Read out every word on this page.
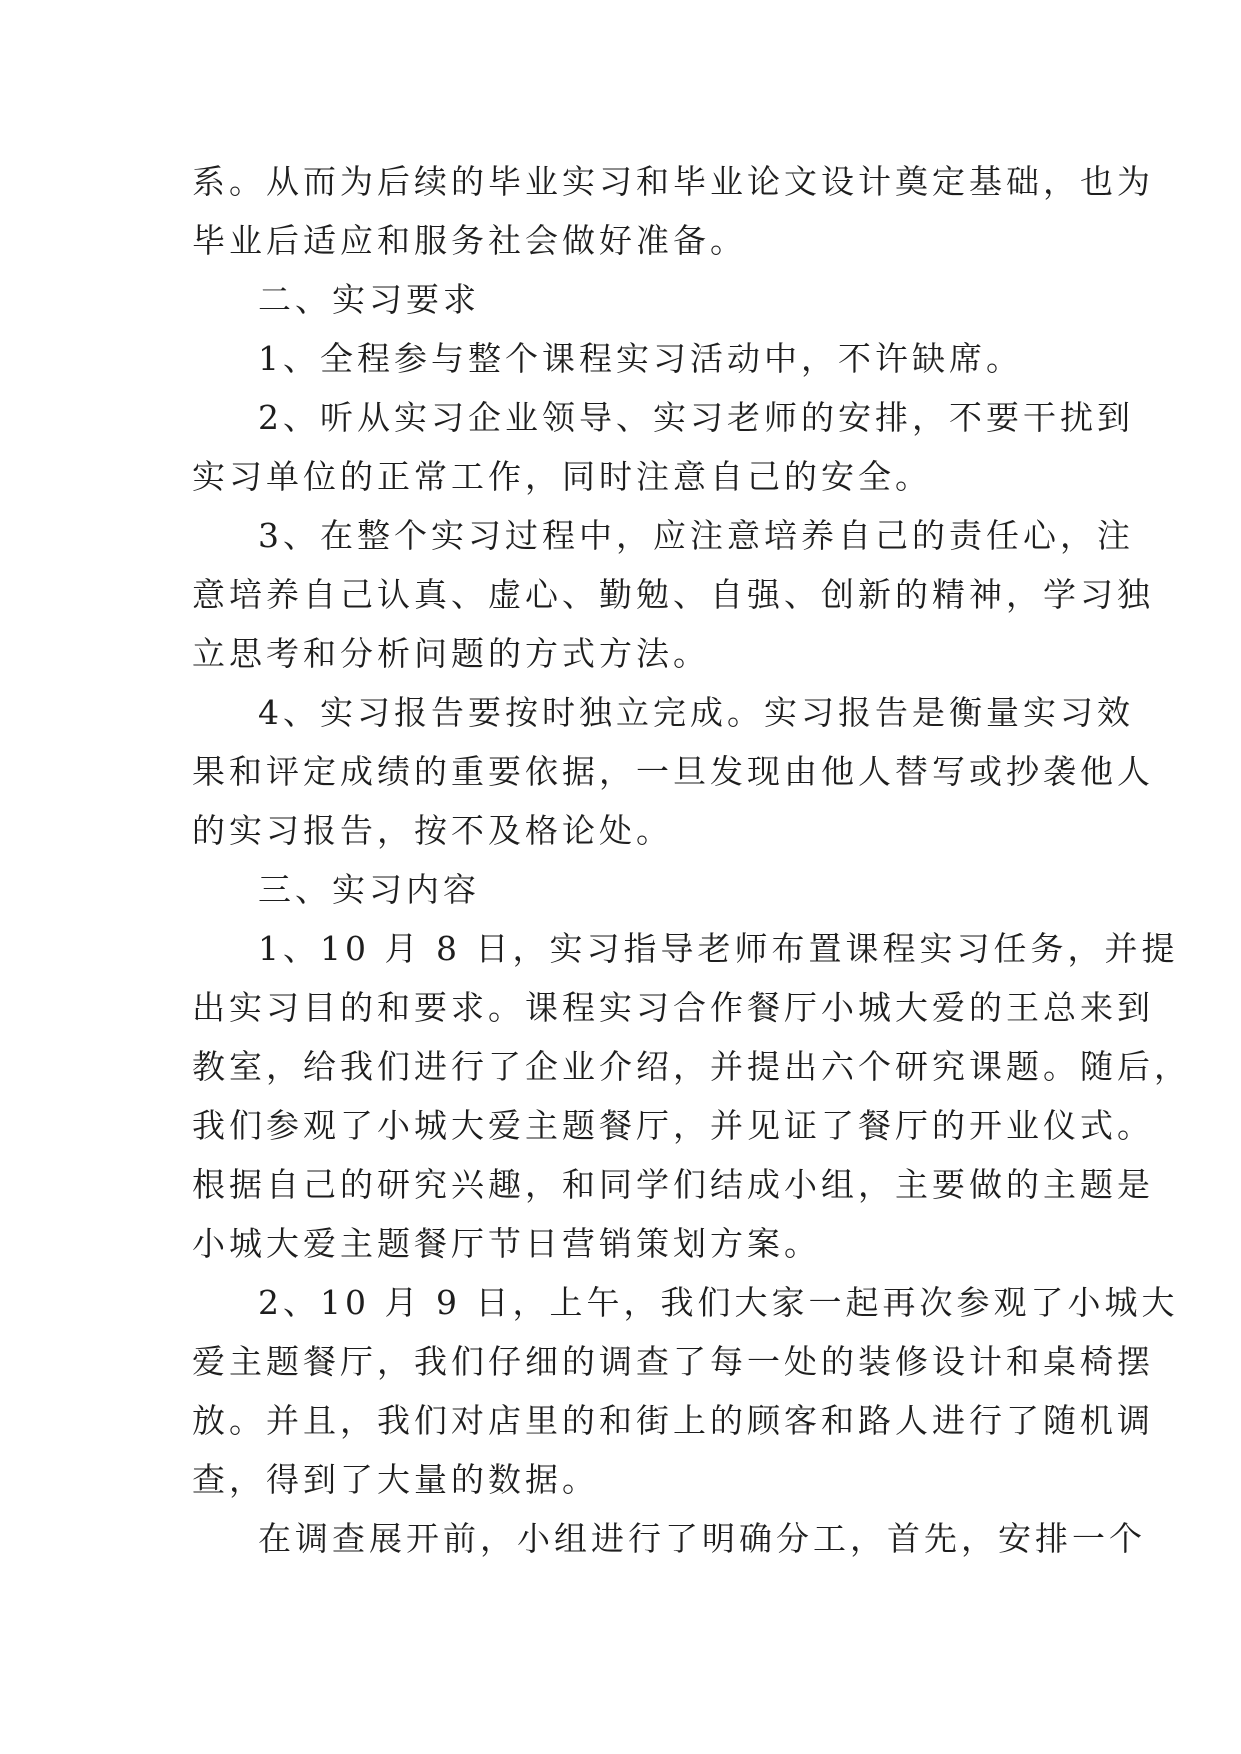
系。从而为后续的毕业实习和毕业论文设计奠定基础，也为
毕业后适应和服务社会做好准备。
二、实习要求
1、全程参与整个课程实习活动中，不许缺席。
2、听从实习企业领导、实习老师的安排，不要干扰到
实习单位的正常工作，同时注意自己的安全。
3、在整个实习过程中，应注意培养自己的责任心，注
意培养自己认真、虚心、勤勉、自强、创新的精神，学习独
立思考和分析问题的方式方法。
4、实习报告要按时独立完成。实习报告是衡量实习效
果和评定成绩的重要依据，一旦发现由他人替写或抄袭他人
的实习报告，按不及格论处。
三、实习内容
1、10 月 8 日，实习指导老师布置课程实习任务，并提
出实习目的和要求。课程实习合作餐厅小城大爱的王总来到
教室，给我们进行了企业介绍，并提出六个研究课题。随后，
我们参观了小城大爱主题餐厅，并见证了餐厅的开业仪式。
根据自己的研究兴趣，和同学们结成小组，主要做的主题是
小城大爱主题餐厅节日营销策划方案。
2、10 月 9 日，上午，我们大家一起再次参观了小城大
爱主题餐厅，我们仔细的调查了每一处的装修设计和桌椅摆
放。并且，我们对店里的和街上的顾客和路人进行了随机调
查，得到了大量的数据。
在调查展开前，小组进行了明确分工，首先，安排一个
